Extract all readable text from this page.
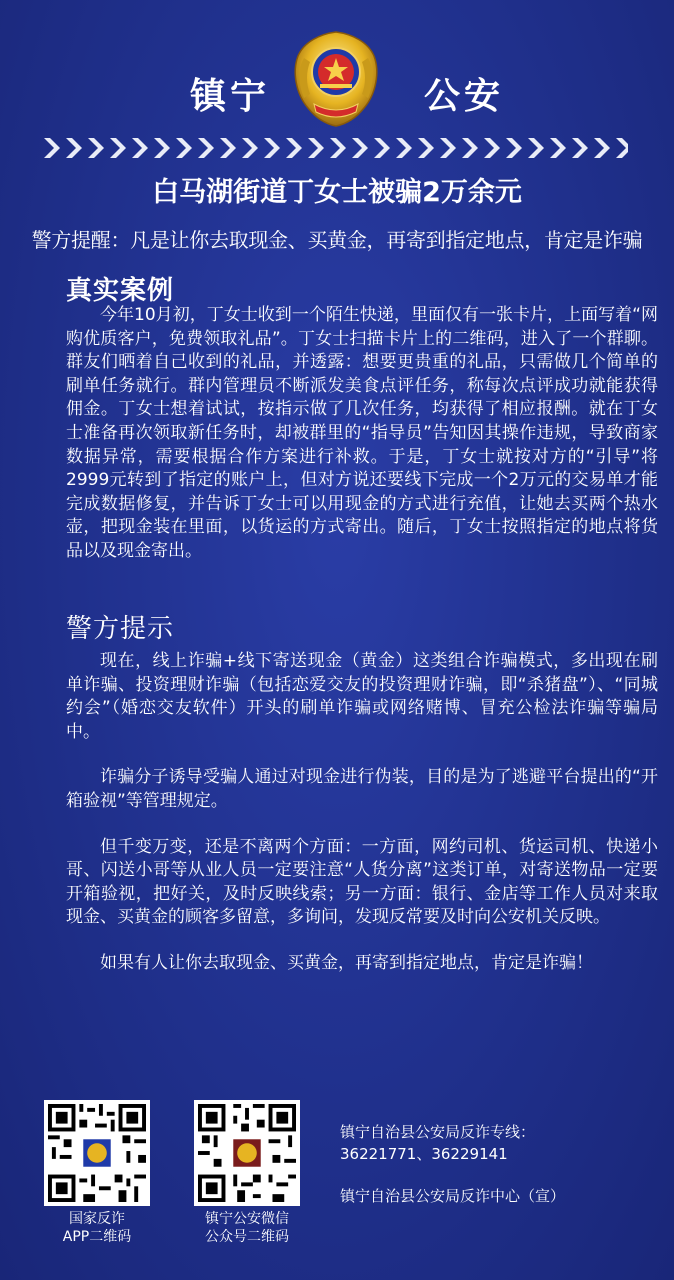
镇宁	公安
白马湖街道丁女士被骗2万余元
警方提醒：凡是让你去取现金、买黄金，再寄到指定地点，肯定是诈骗
真实案例

今年10月初，丁女士收到一个陌生快递，里面仅有一张卡片，上面写着“网购优质客户，免费领取礼品”。丁女士扫描卡片上的二维码，进入了一个群聊。群友们晒着自己收到的礼品，并透露：想要更贵重的礼品，只需做几个简单的刷单任务就行。群内管理员不断派发美食点评任务，称每次点评成功就能获得佣金。丁女士想着试试，按指示做了几次任务，均获得了相应报酬。就在丁女士准备再次领取新任务时，却被群里的“指导员”告知因其操作违规，导致商家数据异常，需要根据合作方案进行补救。于是，丁女士就按对方的“引导”将2999元转到了指定的账户上，但对方说还要线下完成一个2万元的交易单才能完成数据修复，并告诉丁女士可以用现金的方式进行充值，让她去买两个热水壶，把现金装在里面，以货运的方式寄出。随后，丁女士按照指定的地点将货品以及现金寄出。

警方提示

现在，线上诈骗+线下寄送现金（黄金）这类组合诈骗模式，多出现在刷单诈骗、投资理财诈骗（包括恋爱交友的投资理财诈骗，即“杀猪盘”）、“同城约会”（婚恋交友软件）开头的刷单诈骗或网络赌博、冒充公检法诈骗等骗局中。

诈骗分子诱导受骗人通过对现金进行伪装，目的是为了逃避平台提出的“开箱验视”等管理规定。

但千变万变，还是不离两个方面：一方面，网约司机、货运司机、快递小哥、闪送小哥等从业人员一定要注意“人货分离”这类订单，对寄送物品一定要开箱验视，把好关，及时反映线索；另一方面：银行、金店等工作人员对来取现金、买黄金的顾客多留意，多询问，发现反常要及时向公安机关反映。

如果有人让你去取现金、买黄金，再寄到指定地点，肯定是诈骗！

国家反诈
APP二维码
镇宁公安微信
公众号二维码
镇宁自治县公安局反诈专线：
36221771、36229141
镇宁自治县公安局反诈中心（宣）
